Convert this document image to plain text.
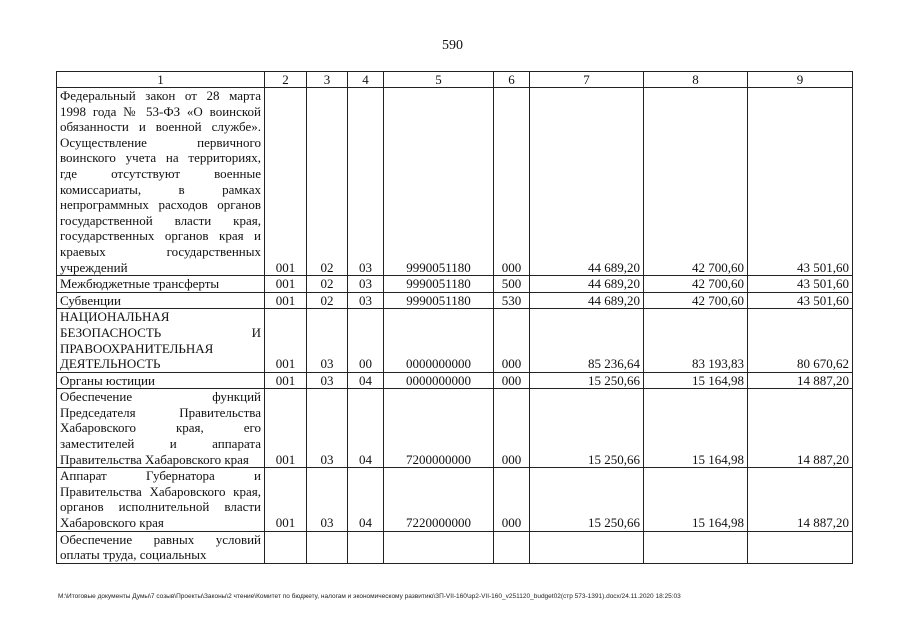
590
1	2	3	4	5	6	7	8	9
Федеральный закон от 28 марта 1998 года № 53-ФЗ «О воинской обязанности и военной службе». Осуществление первичного воинского учета на территориях, где отсутствуют военные комиссариаты, в рамках непрограммных расходов органов государственной власти края, государственных органов края и краевых государственных учреждений	001	02	03	9990051180	000	44 689,20	42 700,60	43 501,60
Межбюджетные трансферты	001	02	03	9990051180	500	44 689,20	42 700,60	43 501,60
Субвенции	001	02	03	9990051180	530	44 689,20	42 700,60	43 501,60
НАЦИОНАЛЬНАЯ БЕЗОПАСНОСТЬ И ПРАВООХРАНИТЕЛЬНАЯ ДЕЯТЕЛЬНОСТЬ	001	03	00	0000000000	000	85 236,64	83 193,83	80 670,62
Органы юстиции	001	03	04	0000000000	000	15 250,66	15 164,98	14 887,20
Обеспечение функций Председателя Правительства Хабаровского края, его заместителей и аппарата Правительства Хабаровского края	001	03	04	7200000000	000	15 250,66	15 164,98	14 887,20
Аппарат Губернатора и Правительства Хабаровского края, органов исполнительной власти Хабаровского края	001	03	04	7220000000	000	15 250,66	15 164,98	14 887,20
Обеспечение равных условий оплаты труда, социальных								
M:\Итоговые документы Думы\7 созыв\Проекты\Законы\2 чтение\Комитет по бюджету, налогам и экономическому развитию\ЗП-VII-160\зр2-VII-160_v251120_budget02(стр 573-1391).docx/24.11.2020 18:25:03
